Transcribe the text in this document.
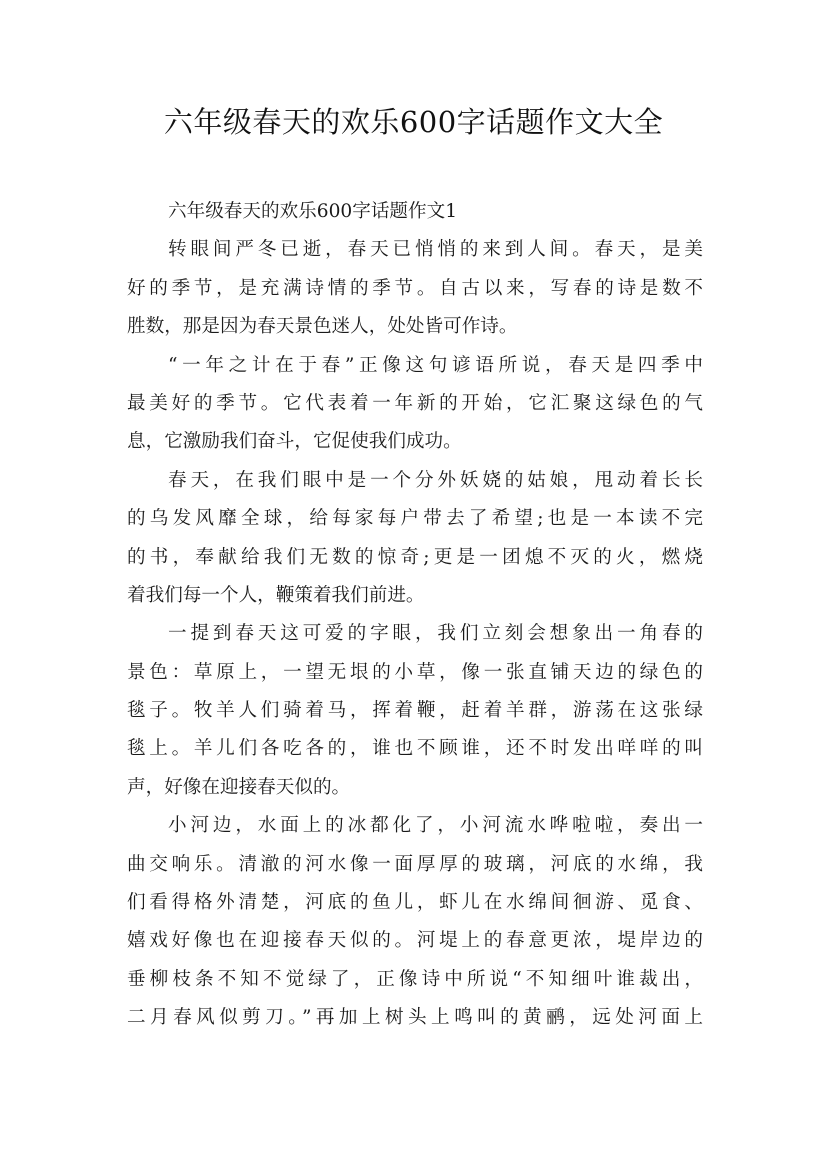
六年级春天的欢乐600字话题作文大全
六年级春天的欢乐600字话题作文1
转眼间严冬已逝，春天已悄悄的来到人间。春天，是美
好的季节，是充满诗情的季节。自古以来，写春的诗是数不
胜数，那是因为春天景色迷人，处处皆可作诗。
“一年之计在于春”正像这句谚语所说，春天是四季中
最美好的季节。它代表着一年新的开始，它汇聚这绿色的气
息，它激励我们奋斗，它促使我们成功。
春天，在我们眼中是一个分外妖娆的姑娘，甩动着长长
的乌发风靡全球，给每家每户带去了希望;也是一本读不完
的书，奉献给我们无数的惊奇;更是一团熄不灭的火，燃烧
着我们每一个人，鞭策着我们前进。
一提到春天这可爱的字眼，我们立刻会想象出一角春的
景色：草原上，一望无垠的小草，像一张直铺天边的绿色的
毯子。牧羊人们骑着马，挥着鞭，赶着羊群，游荡在这张绿
毯上。羊儿们各吃各的，谁也不顾谁，还不时发出咩咩的叫
声，好像在迎接春天似的。
小河边，水面上的冰都化了，小河流水哗啦啦，奏出一
曲交响乐。清澈的河水像一面厚厚的玻璃，河底的水绵，我
们看得格外清楚，河底的鱼儿，虾儿在水绵间徊游、觅食、
嬉戏好像也在迎接春天似的。河堤上的春意更浓，堤岸边的
垂柳枝条不知不觉绿了，正像诗中所说“不知细叶谁裁出，
二月春风似剪刀。”再加上树头上鸣叫的黄鹂，远处河面上
